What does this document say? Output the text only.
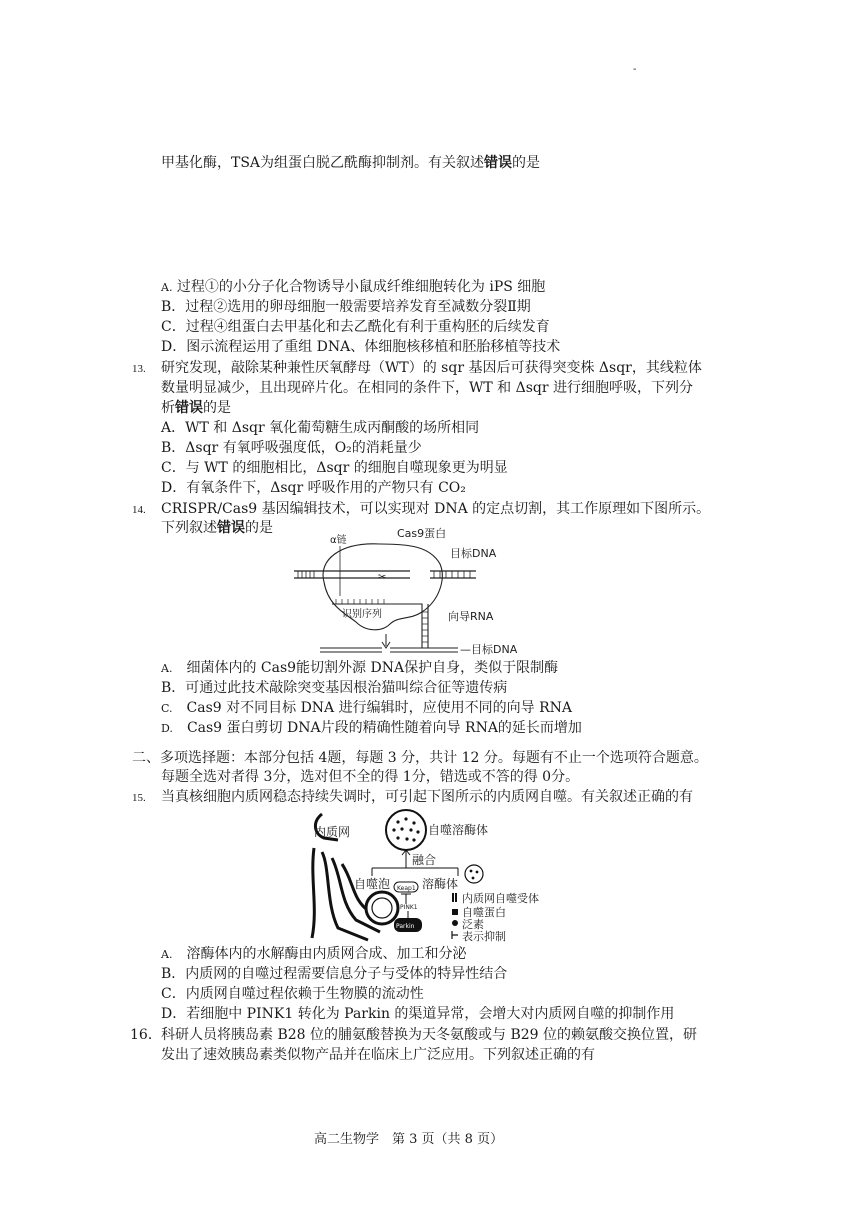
-
甲基化酶，TSA为组蛋白脱乙酰酶抑制剂。有关叙述错误的是
A. 过程①的小分子化合物诱导小鼠成纤维细胞转化为 iPS 细胞
B．过程②选用的卵母细胞一般需要培养发育至减数分裂Ⅱ期
C．过程④组蛋白去甲基化和去乙酰化有利于重构胚的后续发育
D．图示流程运用了重组 DNA、体细胞核移植和胚胎移植等技术
13. 研究发现，敲除某种兼性厌氧酵母（WT）的 sqr 基因后可获得突变株 Δsqr，其线粒体
数量明显减少，且出现碎片化。在相同的条件下，WT 和 Δsqr 进行细胞呼吸，下列分
析错误的是
A．WT 和 Δsqr 氧化葡萄糖生成丙酮酸的场所相同
B．Δsqr 有氧呼吸强度低，O₂的消耗量少
C．与 WT 的细胞相比，Δsqr 的细胞自噬现象更为明显
D．有氧条件下，Δsqr 呼吸作用的产物只有 CO₂
14. CRISPR/Cas9 基因编辑技术，可以实现对 DNA 的定点切割，其工作原理如下图所示。
下列叙述错误的是
✂
α链
Cas9蛋白
目标DNA
识别序列	向导RNA
—目标DNA
A.　 细菌体内的 Cas9能切割外源 DNA保护自身，类似于限制酶
B．可通过此技术敲除突变基因根治猫叫综合征等遗传病
C.　 Cas9 对不同目标 DNA 进行编辑时，应使用不同的向导 RNA
D.　 Cas9 蛋白剪切 DNA片段的精确性随着向导 RNA的延长而增加
二、多项选择题：本部分包括 4题，每题 3 分，共计 12 分。每题有不止一个选项符合题意。
每题全选对者得 3分，选对但不全的得 1分，错选或不答的得 0分。
15. 当真核细胞内质网稳态持续失调时，可引起下图所示的内质网自噬。有关叙述正确的有
Keap1
PINK1
Parkin
内质网	自噬溶酶体
融合
自噬泡	溶酶体
内质网自噬受体
自噬蛋白
泛素
表示抑制
A.　 溶酶体内的水解酶由内质网合成、加工和分泌
B．内质网的自噬过程需要信息分子与受体的特异性结合
C．内质网自噬过程依赖于生物膜的流动性
D．若细胞中 PINK1 转化为 Parkin 的渠道异常，会增大对内质网自噬的抑制作用
16． 科研人员将胰岛素 B28 位的脯氨酸替换为天冬氨酸或与 B29 位的赖氨酸交换位置，研
发出了速效胰岛素类似物产品并在临床上广泛应用。下列叙述正确的有
高二生物学　第 3 页（共 8 页）
